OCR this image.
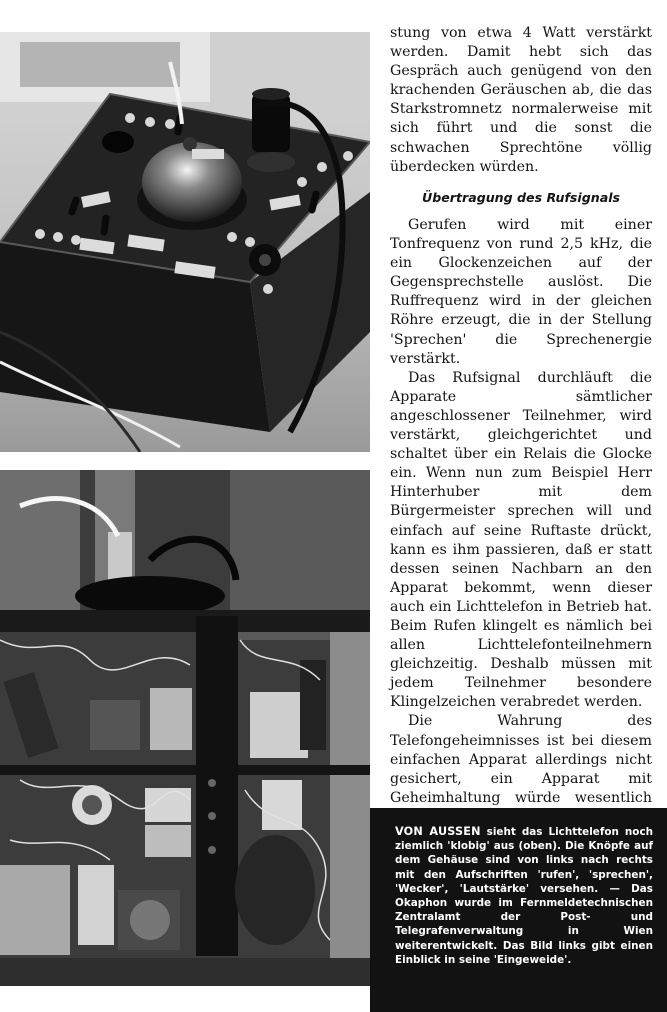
stung von etwa 4 Watt verstärkt werden. Damit hebt sich das Gespräch auch genügend von den krachenden Geräuschen ab, die das Starkstromnetz normalerweise mit sich führt und die sonst die schwachen Sprechtöne völlig überdecken würden.

Übertragung des Rufsignals

Gerufen wird mit einer Tonfrequenz von rund 2,5 kHz, die ein Glockenzeichen auf der Gegensprechstelle auslöst. Die Ruffrequenz wird in der gleichen Röhre erzeugt, die in der Stellung 'Sprechen' die Sprechenergie verstärkt.

Das Rufsignal durchläuft die Apparate sämtlicher angeschlossener Teilnehmer, wird verstärkt, gleichgerichtet und schaltet über ein Relais die Glocke ein. Wenn nun zum Beispiel Herr Hinterhuber mit dem Bürgermeister sprechen will und einfach auf seine Ruftaste drückt, kann es ihm passieren, daß er statt dessen seinen Nachbarn an den Apparat bekommt, wenn dieser auch ein Lichttelefon in Betrieb hat. Beim Rufen klingelt es nämlich bei allen Lichttelefonteilnehmern gleichzeitig. Deshalb müssen mit jedem Teilnehmer besondere Klingelzeichen verabredet werden.

Die Wahrung des Telefongeheimnisses ist bei diesem einfachen Apparat allerdings nicht gesichert, ein Apparat mit Geheimhaltung würde wesentlich

VON AUSSEN sieht das Lichttelefon noch ziemlich 'klobig' aus (oben). Die Knöpfe auf dem Gehäuse sind von links nach rechts mit den Aufschriften 'rufen', 'sprechen', 'Wecker', 'Lautstärke' versehen. — Das Okaphon wurde im Fernmeldetechnischen Zentralamt der Post- und Telegrafenverwaltung in Wien weiterentwickelt. Das Bild links gibt einen Einblick in seine 'Eingeweide'.
